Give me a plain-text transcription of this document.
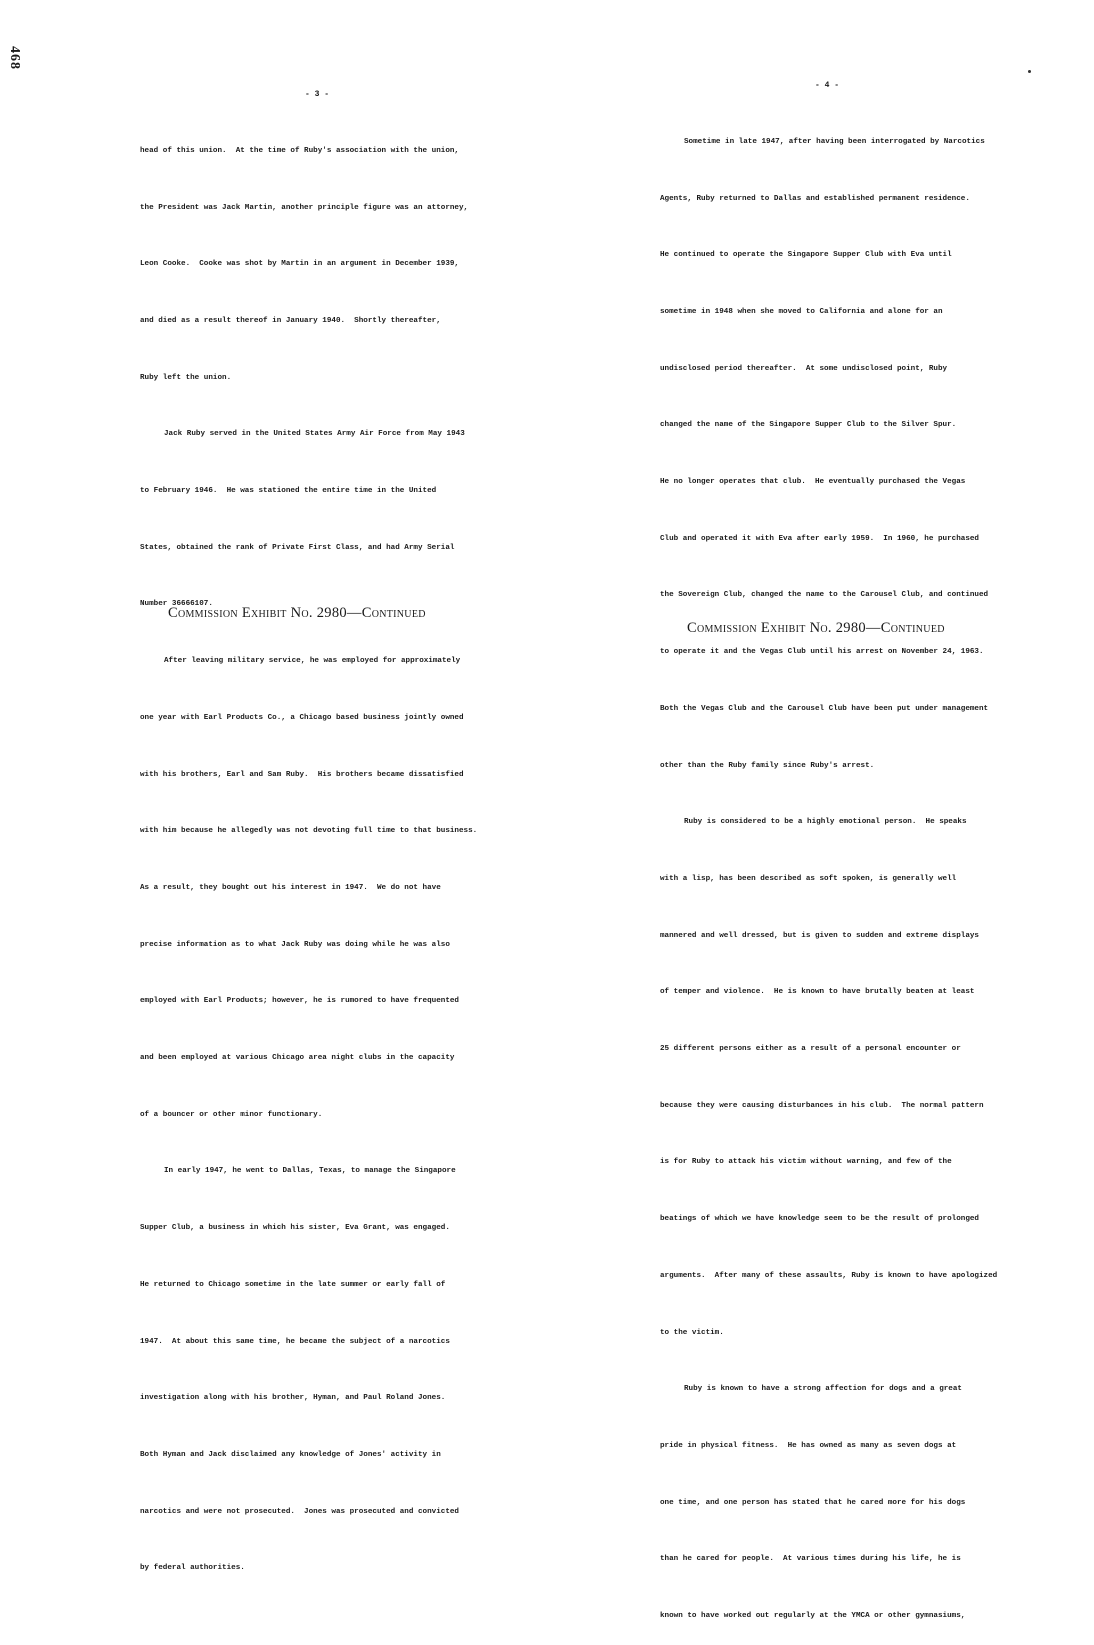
468
- 3 -

head of this union.  At the time of Ruby's association with the union,

the President was Jack Martin, another principle figure was an attorney,

Leon Cooke.  Cooke was shot by Martin in an argument in December 1939,

and died as a result thereof in January 1940.  Shortly thereafter,

Ruby left the union.

Jack Ruby served in the United States Army Air Force from May 1943

to February 1946.  He was stationed the entire time in the United

States, obtained the rank of Private First Class, and had Army Serial

Number 36666107.

After leaving military service, he was employed for approximately

one year with Earl Products Co., a Chicago based business jointly owned

with his brothers, Earl and Sam Ruby.  His brothers became dissatisfied

with him because he allegedly was not devoting full time to that business.

As a result, they bought out his interest in 1947.  We do not have

precise information as to what Jack Ruby was doing while he was also

employed with Earl Products; however, he is rumored to have frequented

and been employed at various Chicago area night clubs in the capacity

of a bouncer or other minor functionary.

In early 1947, he went to Dallas, Texas, to manage the Singapore

Supper Club, a business in which his sister, Eva Grant, was engaged.

He returned to Chicago sometime in the late summer or early fall of

1947.  At about this same time, he became the subject of a narcotics

investigation along with his brother, Hyman, and Paul Roland Jones.

Both Hyman and Jack disclaimed any knowledge of Jones' activity in

narcotics and were not prosecuted.  Jones was prosecuted and convicted

by federal authorities.

Commission Exhibit No. 2980—Continued
- 4 -

Sometime in late 1947, after having been interrogated by Narcotics

Agents, Ruby returned to Dallas and established permanent residence.

He continued to operate the Singapore Supper Club with Eva until

sometime in 1948 when she moved to California and alone for an

undisclosed period thereafter.  At some undisclosed point, Ruby

changed the name of the Singapore Supper Club to the Silver Spur.

He no longer operates that club.  He eventually purchased the Vegas

Club and operated it with Eva after early 1959.  In 1960, he purchased

the Sovereign Club, changed the name to the Carousel Club, and continued

to operate it and the Vegas Club until his arrest on November 24, 1963.

Both the Vegas Club and the Carousel Club have been put under management

other than the Ruby family since Ruby's arrest.

Ruby is considered to be a highly emotional person.  He speaks

with a lisp, has been described as soft spoken, is generally well

mannered and well dressed, but is given to sudden and extreme displays

of temper and violence.  He is known to have brutally beaten at least

25 different persons either as a result of a personal encounter or

because they were causing disturbances in his club.  The normal pattern

is for Ruby to attack his victim without warning, and few of the

beatings of which we have knowledge seem to be the result of prolonged

arguments.  After many of these assaults, Ruby is known to have apologized

to the victim.

Ruby is known to have a strong affection for dogs and a great

pride in physical fitness.  He has owned as many as seven dogs at

one time, and one person has stated that he cared more for his dogs

than he cared for people.  At various times during his life, he is

known to have worked out regularly at the YMCA or other gymnasiums,

Commission Exhibit No. 2980—Continued
